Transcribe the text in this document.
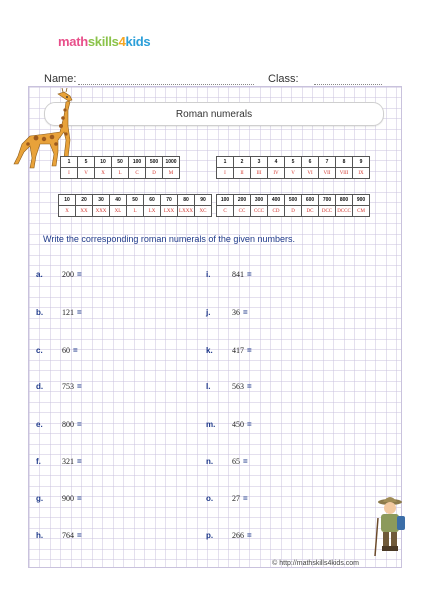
mathskills4kids
Name:	Class:
Roman numerals
1	5	10	50	100	500	1000
I	V	X	L	C	D	M
1	2	3	4	5	6	7	8	9
I	II	III	IV	V	VI	VII	VIII	IX
10	20	30	40	50	60	70	80	90
X	XX	XXX	XL	L	LX	LXX	LXXX	XC
100	200	300	400	500	600	700	800	900
C	CC	CCC	CD	D	DC	DCC	DCCC	CM
Write the corresponding roman numerals of the given numbers.
a. 200 =
b. 121 =
c. 60 =
d. 753 =
e. 800 =
f.	321 =
g. 900 =
h. 764 =
i.	841 =
j.	36 =
k. 417 =
l.	563 =
m. 450 =
n. 65 =
o. 27 =
p. 266 =
© http://mathskills4kids.com
